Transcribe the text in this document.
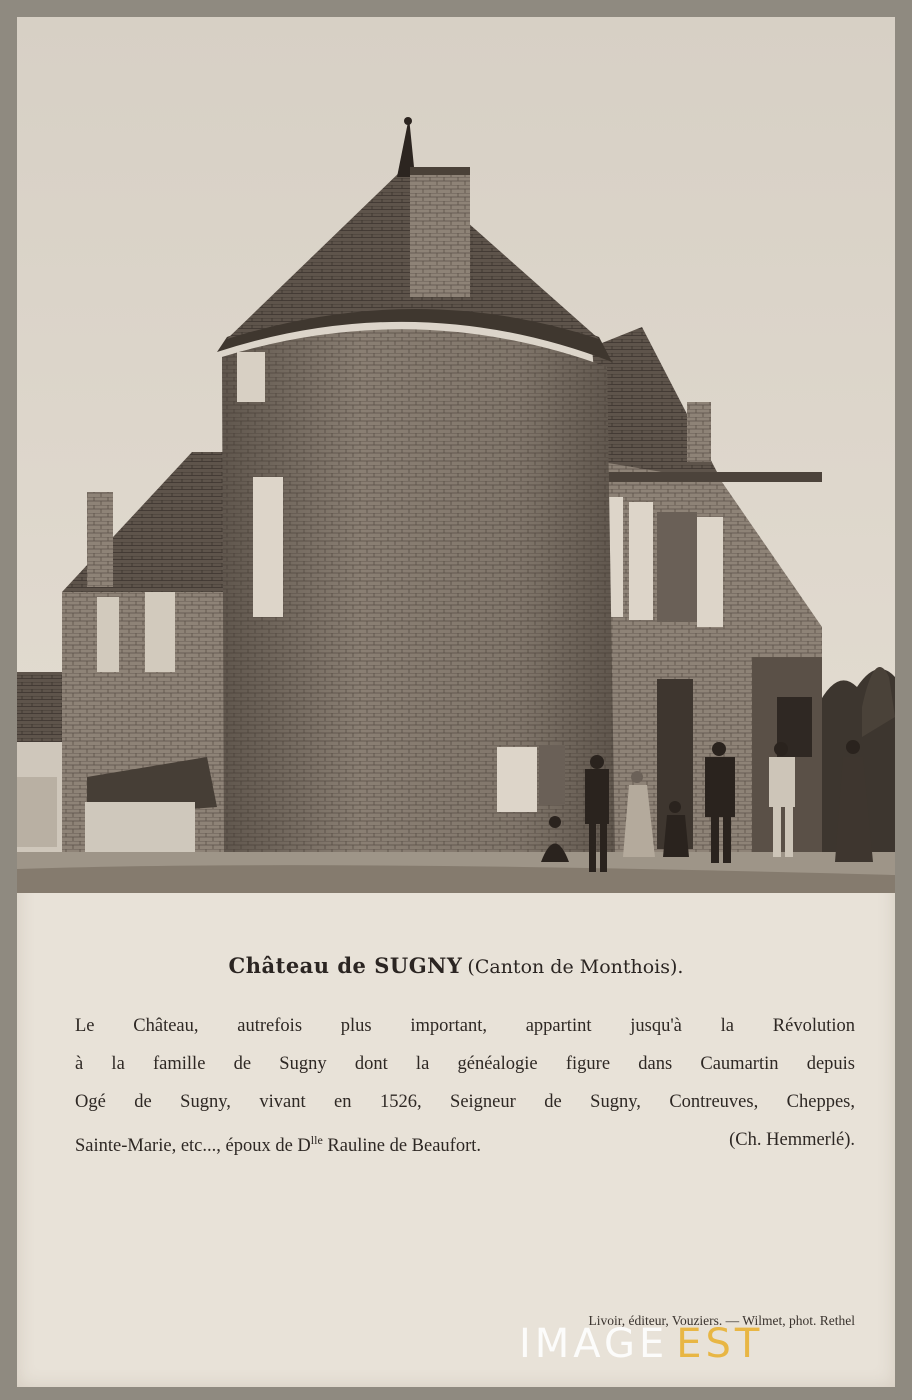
Château de SUGNY (Canton de Monthois).
Le Château, autrefois plus important, appartint jusqu'à la Révolution
à la famille de Sugny dont la généalogie figure dans Caumartin depuis
Ogé de Sugny, vivant en 1526, Seigneur de Sugny, Contreuves, Cheppes,
Sainte-Marie, etc..., époux de $D^{lle}$ Rauline de Beaufort.	(Ch. Hemmerlé).
Livoir, éditeur, Vouziers. — Wilmet, phot. Rethel
IMAGE  EST
